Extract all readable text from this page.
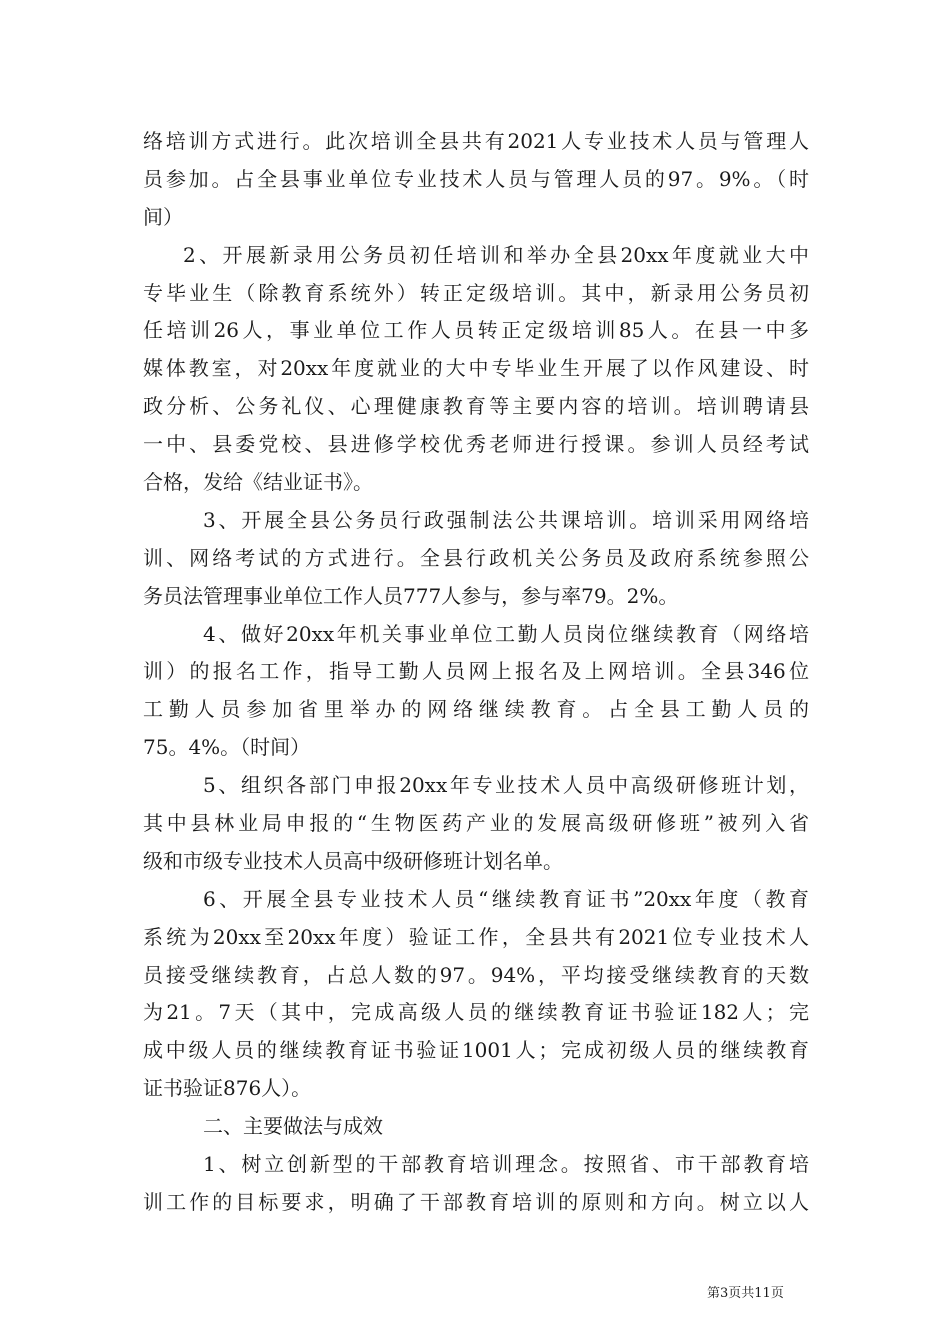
络培训方式进行。此次培训全县共有2021人专业技术人员与管理人
员参加。占全县事业单位专业技术人员与管理人员的97。9%。（时
间）
2、开展新录用公务员初任培训和举办全县20xx年度就业大中
专毕业生（除教育系统外）转正定级培训。其中，新录用公务员初
任培训26人，事业单位工作人员转正定级培训85人。在县一中多
媒体教室，对20xx年度就业的大中专毕业生开展了以作风建设、时
政分析、公务礼仪、心理健康教育等主要内容的培训。培训聘请县
一中、县委党校、县进修学校优秀老师进行授课。参训人员经考试
合格，发给《结业证书》。
3、开展全县公务员行政强制法公共课培训。培训采用网络培
训、网络考试的方式进行。全县行政机关公务员及政府系统参照公
务员法管理事业单位工作人员777人参与，参与率79。2%。
4、做好20xx年机关事业单位工勤人员岗位继续教育（网络培
训）的报名工作，指导工勤人员网上报名及上网培训。全县346位
工勤人员参加省里举办的网络继续教育。占全县工勤人员的
75。4%。（时间）
5、组织各部门申报20xx年专业技术人员中高级研修班计划，
其中县林业局申报的“生物医药产业的发展高级研修班”被列入省
级和市级专业技术人员高中级研修班计划名单。
6、开展全县专业技术人员“继续教育证书”20xx年度（教育
系统为20xx至20xx年度）验证工作，全县共有2021位专业技术人
员接受继续教育，占总人数的97。94%，平均接受继续教育的天数
为21。7天（其中，完成高级人员的继续教育证书验证182人；完
成中级人员的继续教育证书验证1001人；完成初级人员的继续教育
证书验证876人）。
二、主要做法与成效
1、树立创新型的干部教育培训理念。按照省、市干部教育培
训工作的目标要求，明确了干部教育培训的原则和方向。树立以人
第3页共11页
